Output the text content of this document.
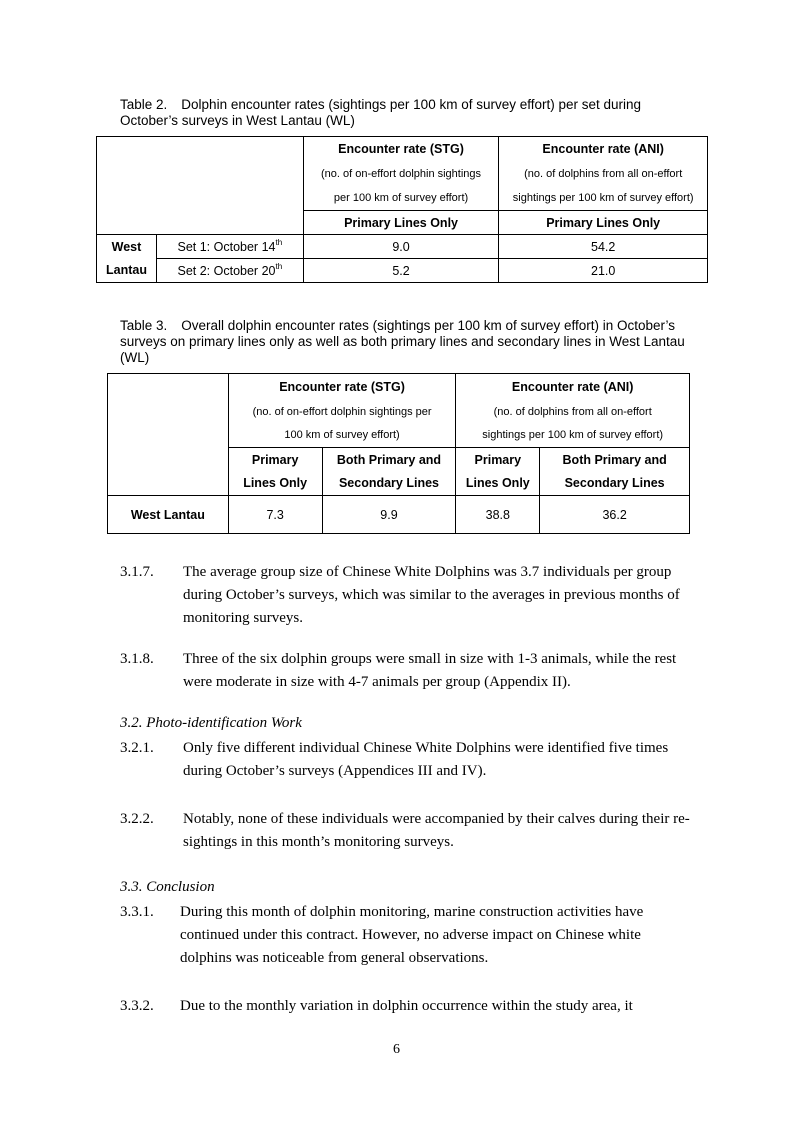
Table 2. Dolphin encounter rates (sightings per 100 km of survey effort) per set during October’s surveys in West Lantau (WL)
		Encounter rate (STG)	Encounter rate (ANI)
		(no. of on-effort dolphin sightings	(no. of dolphins from all on-effort
		per 100 km of survey effort)	sightings per 100 km of survey effort)
		Primary Lines Only	Primary Lines Only
West	Set 1: October 14th	9.0	54.2
Lantau	Set 2: October 20th	5.2	21.0
Table 3. Overall dolphin encounter rates (sightings per 100 km of survey effort) in October’s surveys on primary lines only as well as both primary lines and secondary lines in West Lantau (WL)
	Encounter rate (STG)		Encounter rate (ANI)	
	(no. of on-effort dolphin sightings per		(no. of dolphins from all on-effort	
	100 km of survey effort)		sightings per 100 km of survey effort)	
	Primary	Both Primary and	Primary	Both Primary and
	Lines Only	Secondary Lines	Lines Only	Secondary Lines
West Lantau	7.3	9.9	38.8	36.2
3.1.7.	The average group size of Chinese White Dolphins was 3.7 individuals per group during October’s surveys, which was similar to the averages in previous months of monitoring surveys.
3.1.8.	Three of the six dolphin groups were small in size with 1-3 animals, while the rest were moderate in size with 4-7 animals per group (Appendix II).
3.2. Photo-identification Work
3.2.1.	Only five different individual Chinese White Dolphins were identified five times during October’s surveys (Appendices III and IV).
3.2.2.	Notably, none of these individuals were accompanied by their calves during their re-sightings in this month’s monitoring surveys.
3.3. Conclusion
3.3.1.	During this month of dolphin monitoring, marine construction activities have continued under this contract. However, no adverse impact on Chinese white dolphins was noticeable from general observations.
3.3.2.	Due to the monthly variation in dolphin occurrence within the study area, it
6
